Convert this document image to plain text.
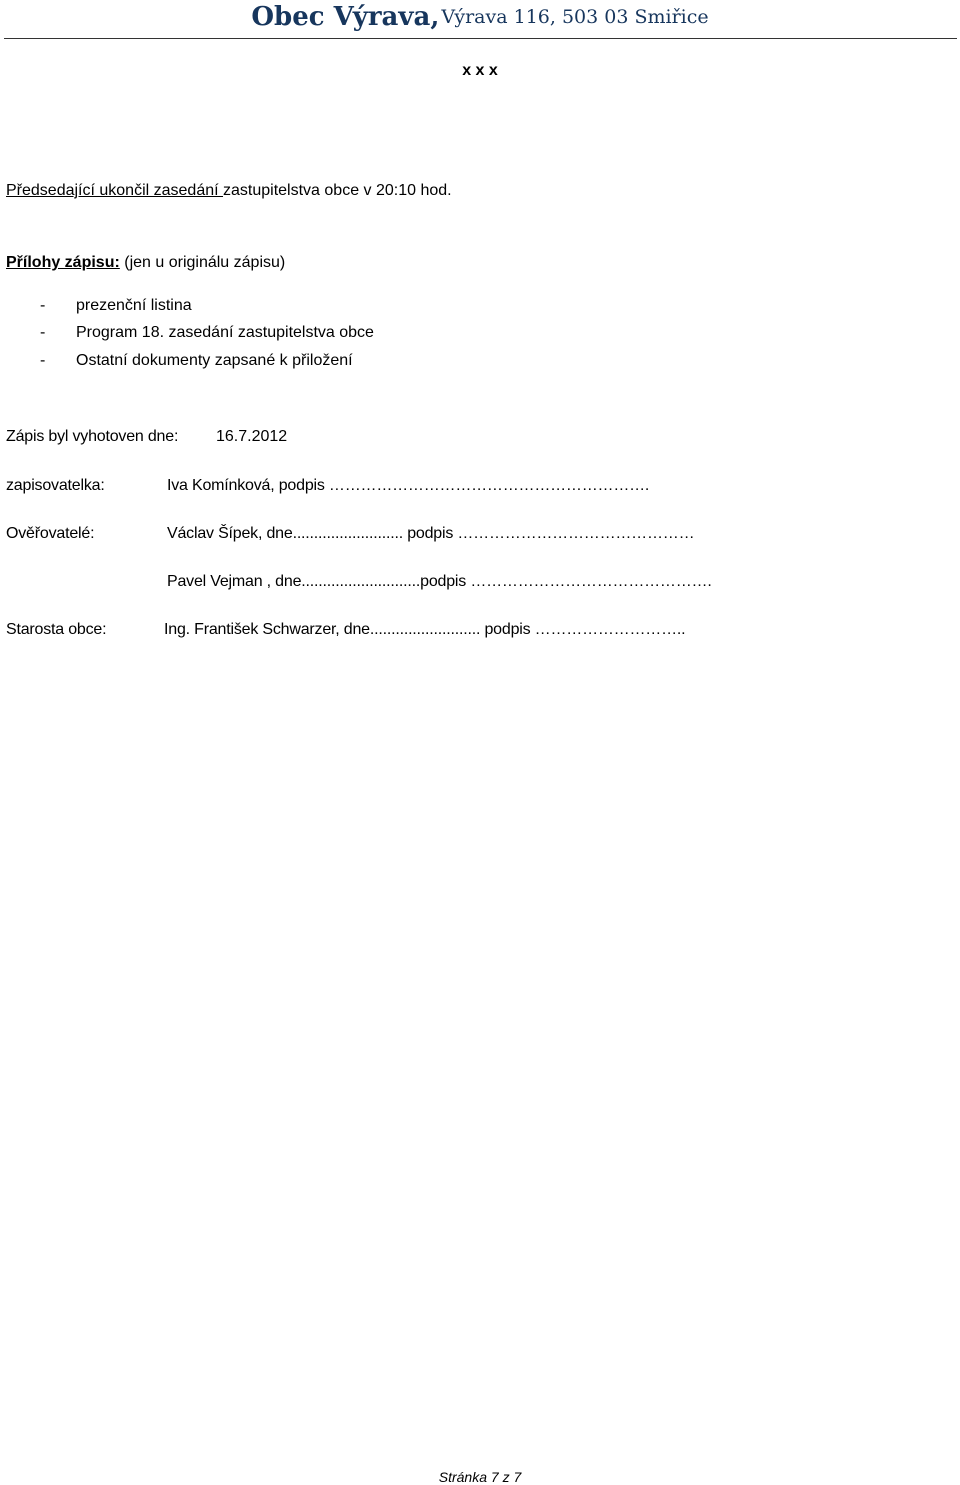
Obec Výrava, Výrava 116, 503 03 Smiřice
x x x
Předsedající ukončil zasedání zastupitelstva obce v 20:10 hod.
Přílohy zápisu: (jen u originálu zápisu)
- prezenční listina
- Program 18. zasedání zastupitelstva obce
- Ostatní dokumenty zapsané k přiložení
Zápis byl vyhotoven dne: 16.7.2012
zapisovatelka:	Iva Komínková, podpis …………………………………………………….
Ověřovatelé:	Václav Šípek, dne.......................... podpis ………………………………………
Pavel Vejman , dne............................podpis ……………………………………….
Starosta obce:	Ing. František Schwarzer, dne.......................... podpis ………………………..
Stránka 7 z 7
